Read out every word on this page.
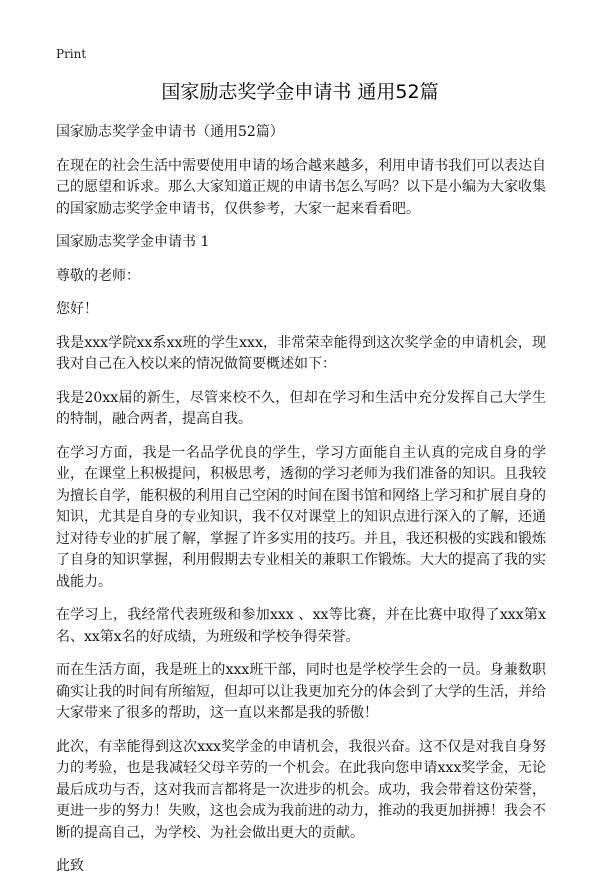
Print
国家励志奖学金申请书 通用52篇

国家励志奖学金申请书（通用52篇）

在现在的社会生活中需要使用申请的场合越来越多，利用申请书我们可以表达自己的愿望和诉求。那么大家知道正规的申请书怎么写吗？以下是小编为大家收集的国家励志奖学金申请书，仅供参考，大家一起来看看吧。

国家励志奖学金申请书 1

尊敬的老师：

您好！

我是xxx学院xx系xx班的学生xxx，非常荣幸能得到这次奖学金的申请机会，现我对自己在入校以来的情况做简要概述如下：

我是20xx届的新生，尽管来校不久，但却在学习和生活中充分发挥自己大学生的特制，融合两者，提高自我。

在学习方面，我是一名品学优良的学生，学习方面能自主认真的完成自身的学业，在课堂上积极提问，积极思考，透彻的学习老师为我们准备的知识。且我较为擅长自学，能积极的利用自己空闲的时间在图书馆和网络上学习和扩展自身的知识，尤其是自身的专业知识，我不仅对课堂上的知识点进行深入的了解，还通过对待专业的扩展了解，掌握了许多实用的技巧。并且，我还积极的实践和锻炼了自身的知识掌握，利用假期去专业相关的兼职工作锻炼。大大的提高了我的实战能力。

在学习上，我经常代表班级和参加xxx 、xx等比赛，并在比赛中取得了xxx第x名、xx第x名的好成绩，为班级和学校争得荣誉。

而在生活方面，我是班上的xxx班干部，同时也是学校学生会的一员。身兼数职确实让我的时间有所缩短，但却可以让我更加充分的体会到了大学的生活，并给大家带来了很多的帮助，这一直以来都是我的骄傲！

此次，有幸能得到这次xxx奖学金的申请机会，我很兴奋。这不仅是对我自身努力的考验，也是我减轻父母辛劳的一个机会。在此我向您申请xxx奖学金，无论最后成功与否，这对我而言都将是一次进步的机会。成功，我会带着这份荣誉，更进一步的努力！失败，这也会成为我前进的动力，推动的我更加拼搏！我会不断的提高自己，为学校、为社会做出更大的贡献。

此致
